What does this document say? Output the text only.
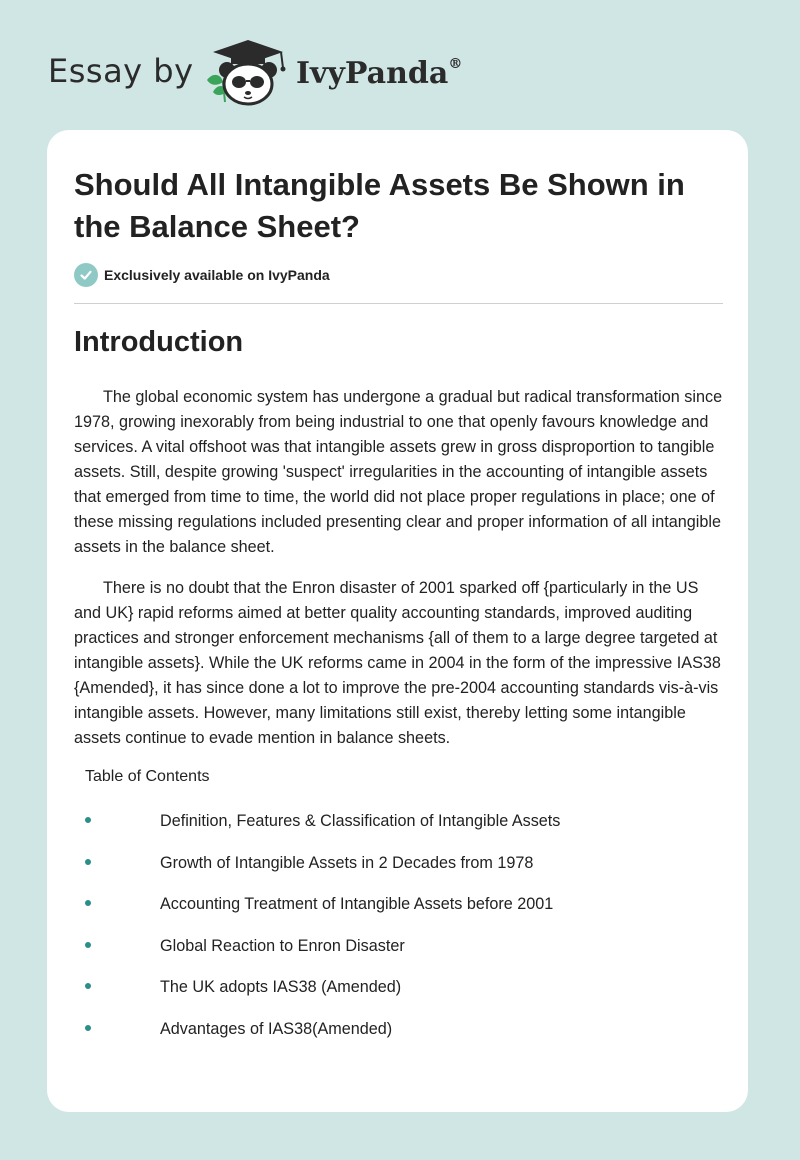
Essay by	IvyPanda®
Should All Intangible Assets Be Shown in the Balance Sheet?
Exclusively available on IvyPanda
Introduction

The global economic system has undergone a gradual but radical transformation since 1978, growing inexorably from being industrial to one that openly favours knowledge and services. A vital offshoot was that intangible assets grew in gross disproportion to tangible assets. Still, despite growing 'suspect' irregularities in the accounting of intangible assets that emerged from time to time, the world did not place proper regulations in place; one of these missing regulations included presenting clear and proper information of all intangible assets in the balance sheet.

There is no doubt that the Enron disaster of 2001 sparked off {particularly in the US and UK} rapid reforms aimed at better quality accounting standards, improved auditing practices and stronger enforcement mechanisms {all of them to a large degree targeted at intangible assets}. While the UK reforms came in 2004 in the form of the impressive IAS38 {Amended}, it has since done a lot to improve the pre-2004 accounting standards vis-à-vis intangible assets. However, many limitations still exist, thereby letting some intangible assets continue to evade mention in balance sheets.

Table of Contents
Definition, Features & Classification of Intangible Assets
Growth of Intangible Assets in 2 Decades from 1978
Accounting Treatment of Intangible Assets before 2001
Global Reaction to Enron Disaster
The UK adopts IAS38 (Amended)
Advantages of IAS38(Amended)
